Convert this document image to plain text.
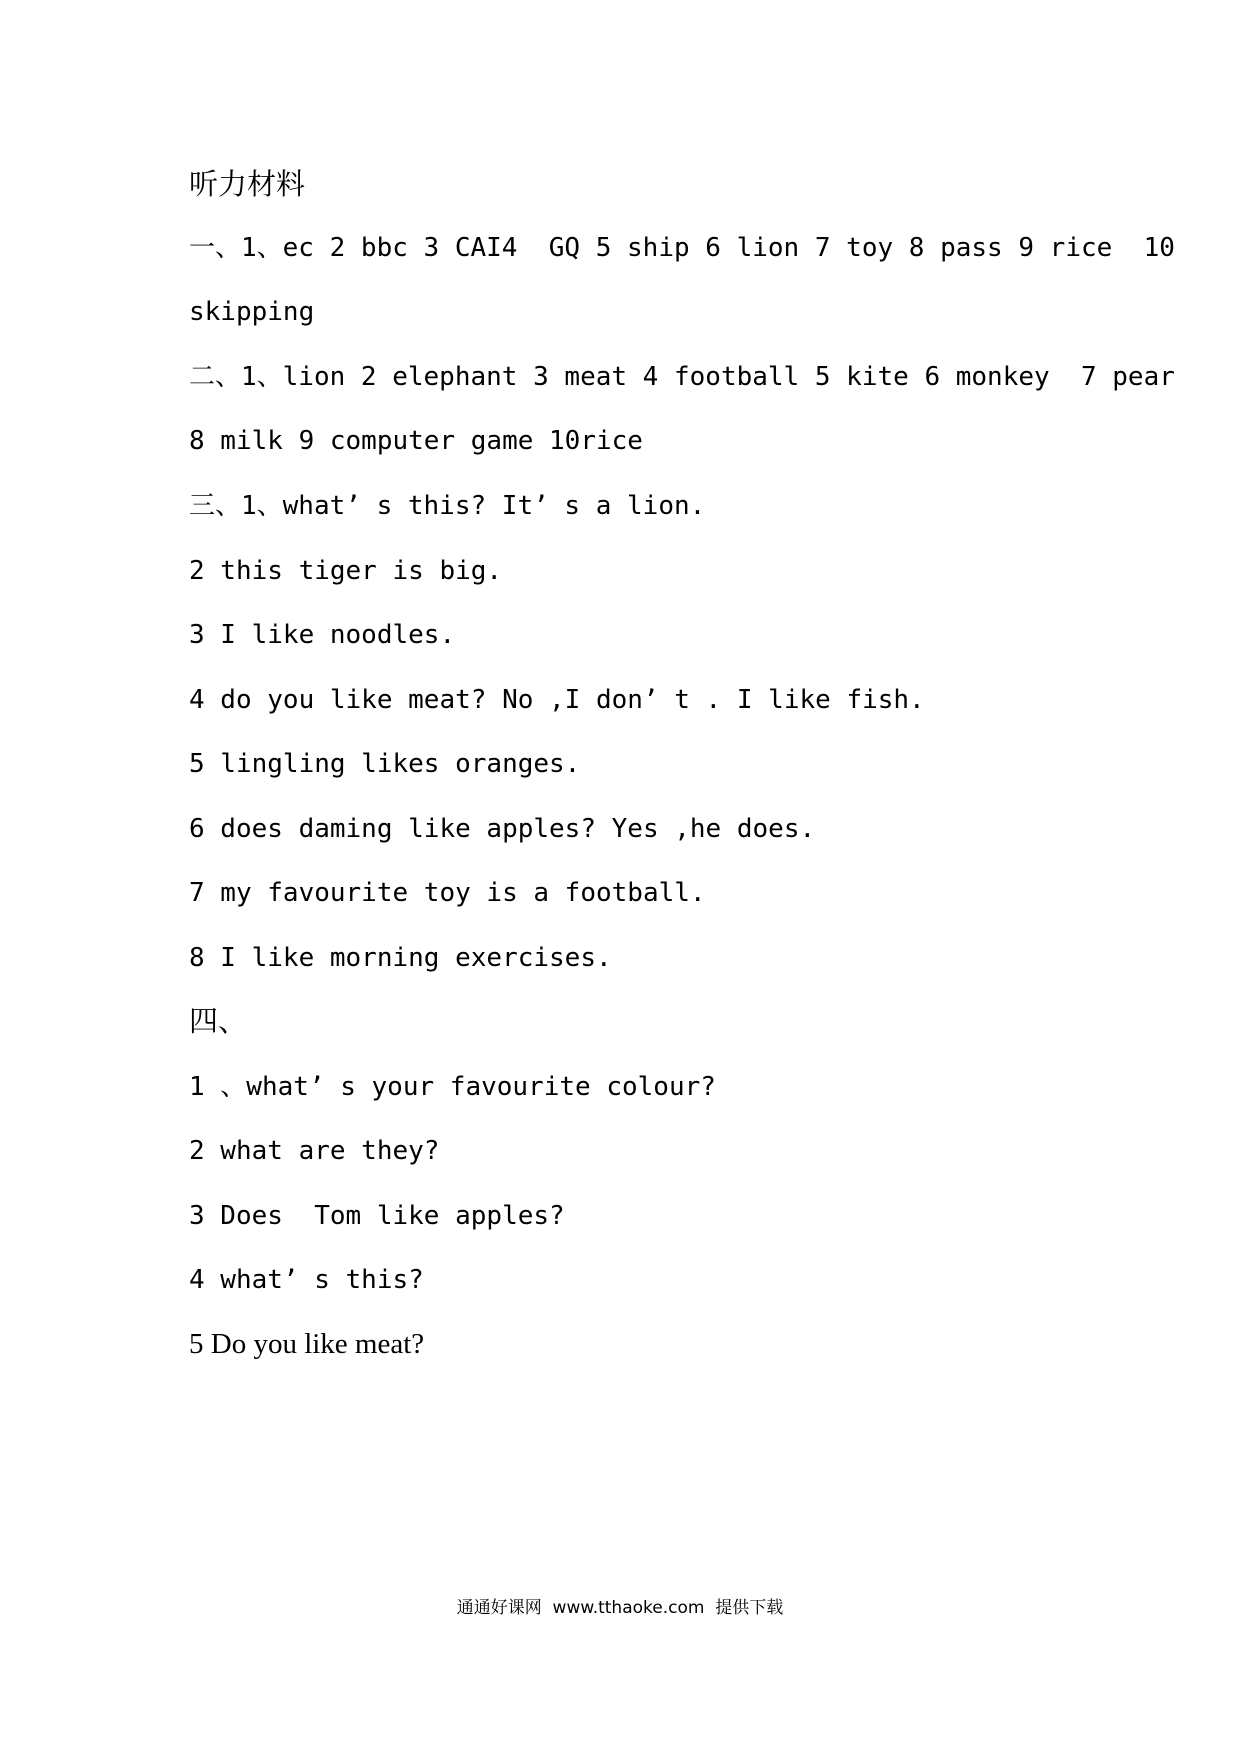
听力材料
一、1、ec 2 bbc 3 CAI4  GQ 5 ship 6 lion 7 toy 8 pass 9 rice  10
skipping
二、1、lion 2 elephant 3 meat 4 football 5 kite 6 monkey  7 pear
8 milk 9 computer game 10rice
三、1、what’ s this? It’ s a lion.
2 this tiger is big.
3 I like noodles.
4 do you like meat? No ,I don’ t . I like fish.
5 lingling likes oranges.
6 does daming like apples? Yes ,he does.
7 my favourite toy is a football.
8 I like morning exercises.
四、
1 、what’ s your favourite colour?
2 what are they?
3 Does  Tom like apples?
4 what’ s this?
5 Do you like meat?
通通好课网  www.tthaoke.com  提供下载
